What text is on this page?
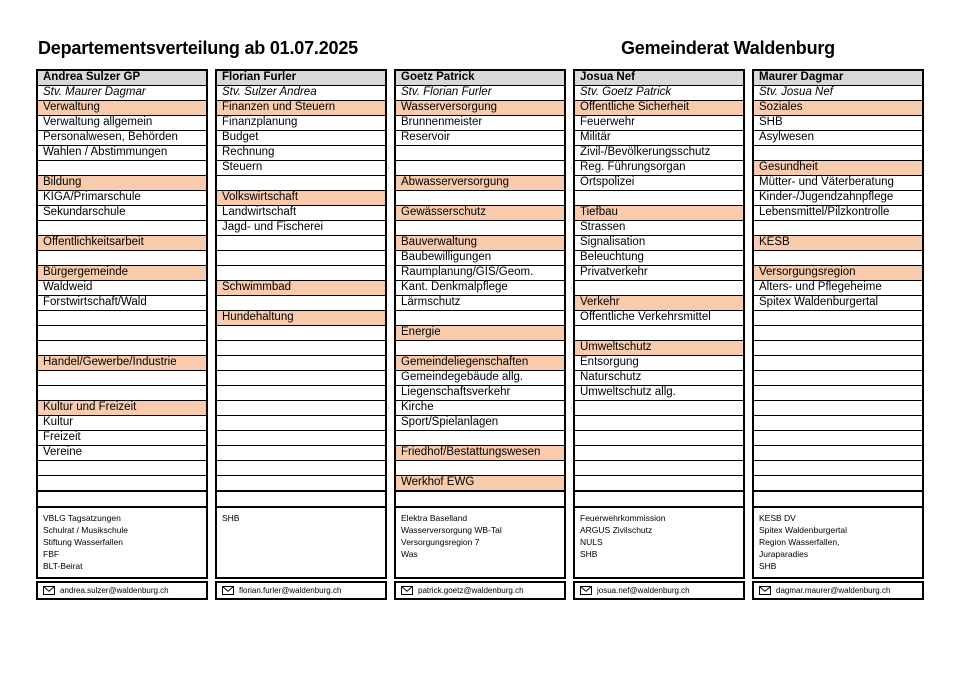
Departementsverteilung ab 01.07.2025	Gemeinderat Waldenburg
Andrea Sulzer GP
Stv. Maurer Dagmar
Verwaltung
Verwaltung allgemein
Personalwesen, Behörden
Wahlen / Abstimmungen
Bildung
KIGA/Primarschule
Sekundarschule
Öffentlichkeitsarbeit
Bürgergemeinde
Waldweid
Forstwirtschaft/Wald
Handel/Gewerbe/Industrie
Kultur und Freizeit
Kultur
Freizeit
Vereine
VBLG Tagsatzungen
Schulrat / Musikschule
Stiftung Wasserfallen
FBF
BLT-Beirat
andrea.sulzer@waldenburg.ch
Florian Furler
Stv. Sulzer Andrea
Finanzen und Steuern
Finanzplanung
Budget
Rechnung
Steuern
Volkswirtschaft
Landwirtschaft
Jagd- und Fischerei
Schwimmbad
Hundehaltung
SHB
florian.furler@waldenburg.ch
Goetz Patrick
Stv. Florian Furler
Wasserversorgung
Brunnenmeister
Reservoir
Abwasserversorgung
Gewässerschutz
Bauverwaltung
Baubewilligungen
Raumplanung/GIS/Geom.
Kant. Denkmalpflege
Lärmschutz
Energie
Gemeindeliegenschaften
Gemeindegebäude allg.
Liegenschaftsverkehr
Kirche
Sport/Spielanlagen
Friedhof/Bestattungswesen
Werkhof EWG
Elektra Baselland
Wasserversorgung WB-Tal
Versorgungsregion 7
Was
patrick.goetz@waldenburg.ch
Josua Nef
Stv. Goetz Patrick
Öffentliche Sicherheit
Feuerwehr
Militär
Zivil-/Bevölkerungsschutz
Reg. Führungsorgan
Ortspolizei
Tiefbau
Strassen
Signalisation
Beleuchtung
Privatverkehr
Verkehr
Öffentliche Verkehrsmittel
Umweltschutz
Entsorgung
Naturschutz
Umweltschutz allg.
Feuerwehrkommission
ARGUS Zivilschutz
NULS
SHB
josua.nef@waldenburg.ch
Maurer Dagmar
Stv. Josua Nef
Soziales
SHB
Asylwesen
Gesundheit
Mütter- und Väterberatung
Kinder-/Jugendzahnpflege
Lebensmittel/Pilzkontrolle
KESB
Versorgungsregion
Alters- und Pflegeheime
Spitex Waldenburgertal
KESB DV
Spitex Waldenburgertal
Region Wasserfallen,
Juraparadies
SHB
dagmar.maurer@waldenburg.ch
